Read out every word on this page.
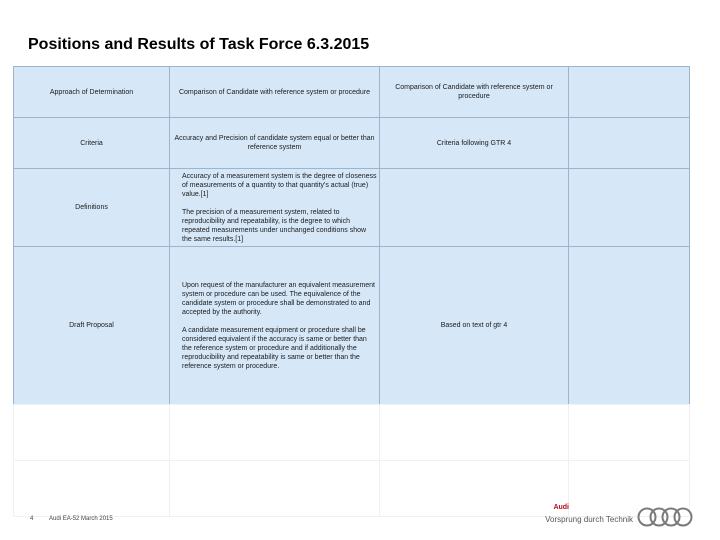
Positions and Results of Task Force 6.3.2015
Approach of Determination	Comparison of Candidate with reference system or procedure	Comparison of Candidate with reference system or procedure	
Criteria	Accuracy and Precision of candidate system equal or better than reference system	Criteria following GTR 4	
Definitions	Accuracy of a measurement system is the degree of closeness of measurements of a quantity to that quantity's actual (true) value.[1]

The precision of a measurement system, related to reproducibility and repeatability, is the degree to which repeated measurements under unchanged conditions show the same results.[1]		

Draft Proposal	Upon request of the manufacturer an equivalent measurement system or procedure can be used. The equivalence of the candidate system or procedure shall be demonstrated to and accepted by the authority.

A candidate measurement equipment or procedure shall be considered equivalent if the accuracy is same or better than the reference system or procedure and if additionally the reproducibility and repeatability is same or better than the reference system or procedure.	Based on text of gtr 4	

4	Audi EA-52 March 2015
Audi
Vorsprung durch Technik
